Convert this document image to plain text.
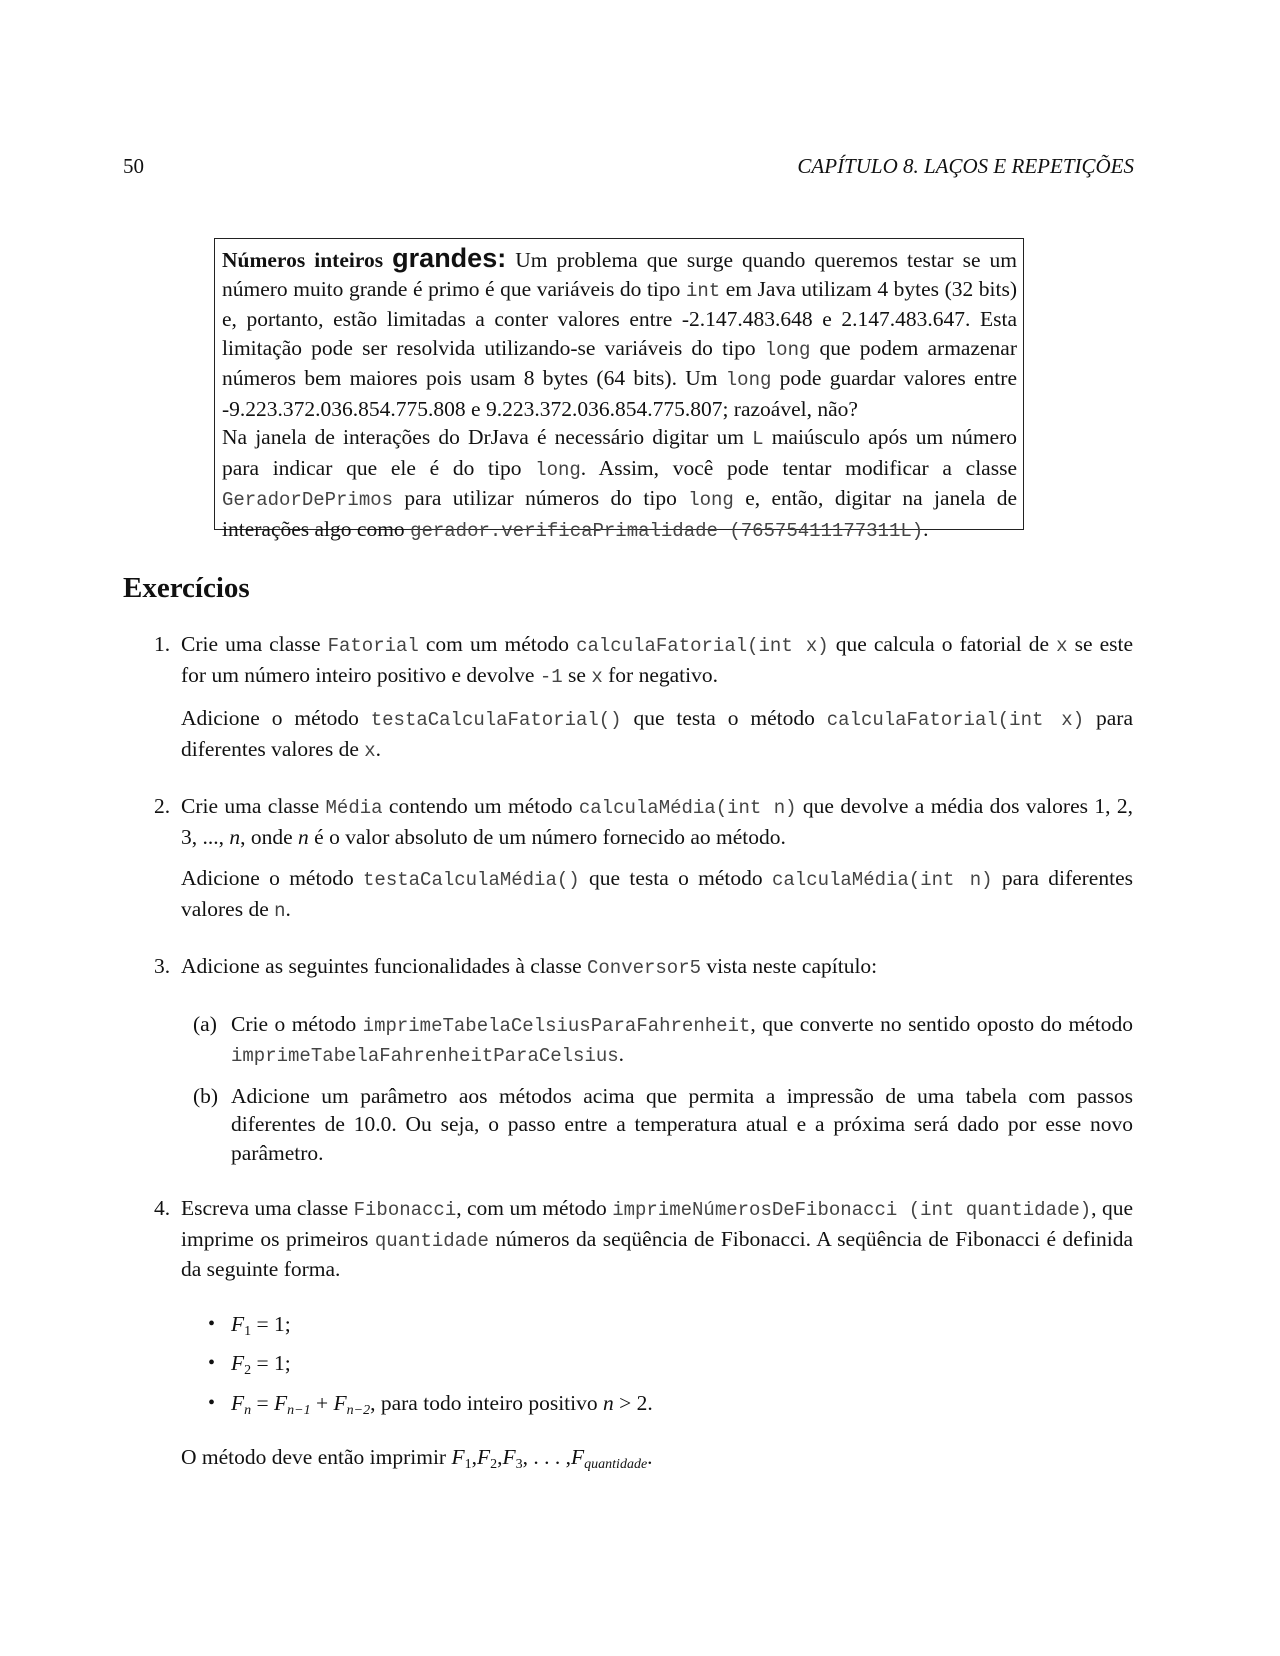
50	CAPÍTULO 8. LAÇOS E REPETIÇÕES

Números inteiros grandes: Um problema que surge quando queremos testar se um número muito grande é primo é que variáveis do tipo int em Java utilizam 4 bytes (32 bits) e, portanto, estão limitadas a conter valores entre -2.147.483.648 e 2.147.483.647. Esta limitação pode ser resolvida utilizando-se variáveis do tipo long que podem armazenar números bem maiores pois usam 8 bytes (64 bits). Um long pode guardar valores entre -9.223.372.036.854.775.808 e 9.223.372.036.854.775.807; razoável, não?

Na janela de interações do DrJava é necessário digitar um L maiúsculo após um número para indicar que ele é do tipo long. Assim, você pode tentar modificar a classe GeradorDePrimos para utilizar números do tipo long e, então, digitar na janela de interações algo como gerador.verificaPrimalidade (76575411177311L).

Exercícios
1. Crie uma classe Fatorial com um método calculaFatorial(int x) que calcula o fatorial de x se este for um número inteiro positivo e devolve -1 se x for negativo.

Adicione o método testaCalculaFatorial() que testa o método calculaFatorial(int x) para diferentes valores de x.

2. Crie uma classe Média contendo um método calculaMédia(int n) que devolve a média dos valores 1, 2, 3, ..., n, onde n é o valor absoluto de um número fornecido ao método.

Adicione o método testaCalculaMédia() que testa o método calculaMédia(int n) para diferentes valores de n.

3. Adicione as seguintes funcionalidades à classe Conversor5 vista neste capítulo:

(a) Crie o método imprimeTabelaCelsiusParaFahrenheit, que converte no sentido oposto do método imprimeTabelaFahrenheitParaCelsius.
(b) Adicione um parâmetro aos métodos acima que permita a impressão de uma tabela com passos diferentes de 10.0. Ou seja, o passo entre a temperatura atual e a próxima será dado por esse novo parâmetro.
4. Escreva uma classe Fibonacci, com um método imprimeNúmerosDeFibonacci (int quantidade), que imprime os primeiros quantidade números da seqüência de Fibonacci. A seqüência de Fibonacci é definida da seguinte forma.

• $F_1 = 1$;
• $F_2 = 1$;
• $F_n = F_{n-1} + F_{n-2}$, para todo inteiro positivo n > 2.

O método deve então imprimir $F_1,F_2,F_3$, . . . $,F_{quantidade}$.
